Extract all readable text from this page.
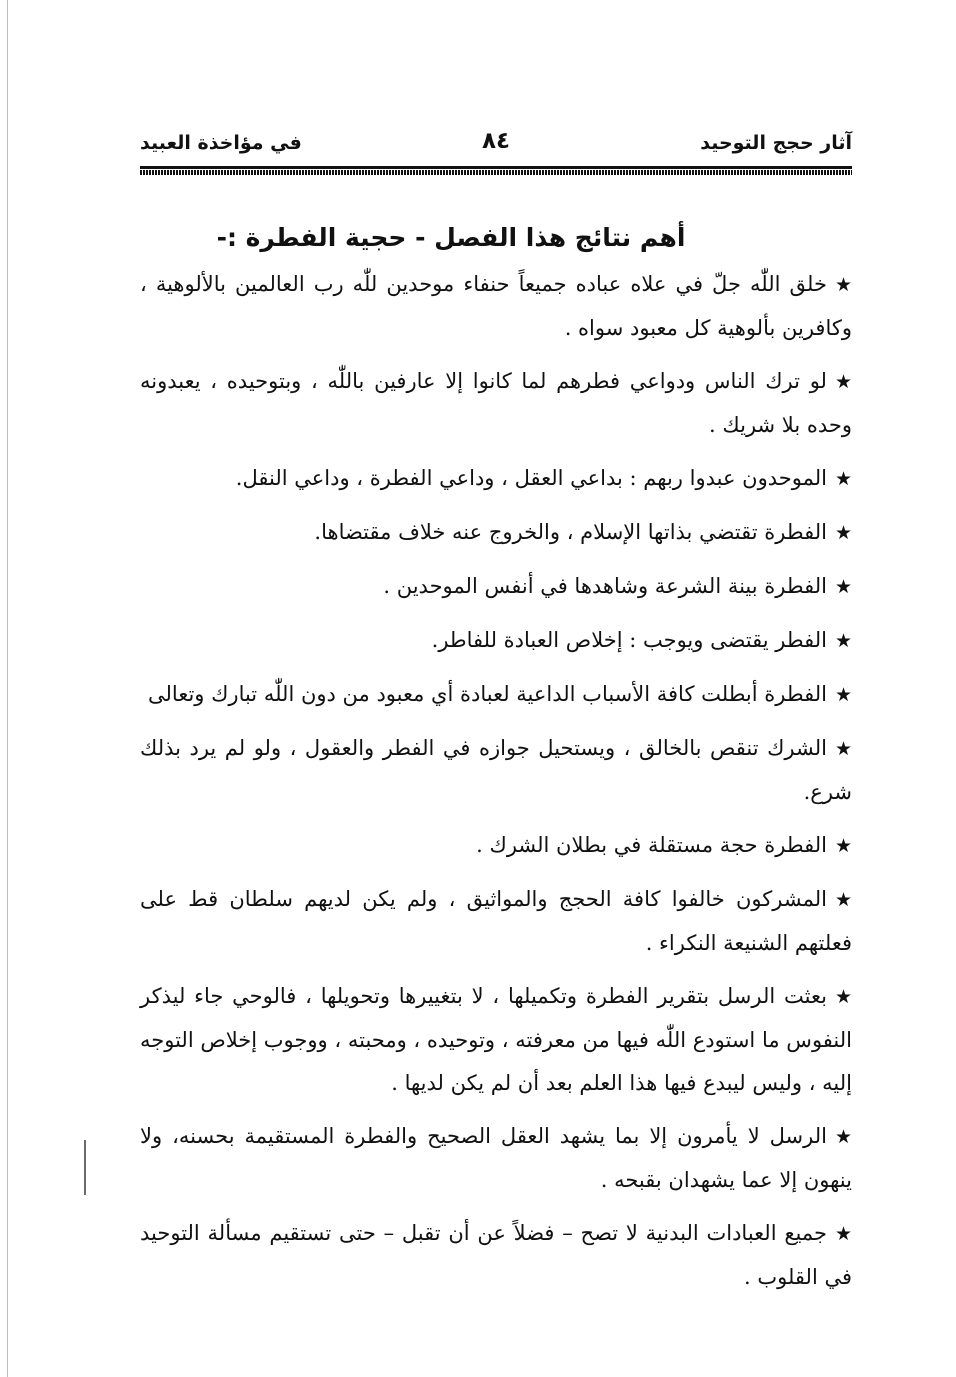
آثار حجج التوحيد
٨٤
في مؤاخذة العبيد
أهم نتائج هذا الفصل - حجية الفطرة :-
★خلق اللّٰه جلّ في علاه عباده جميعاً حنفاء موحدين للّٰه رب العالمين بالألوهية ، وكافرين بألوهية كل معبود سواه .
★لو ترك الناس ودواعي فطرهم لما كانوا إلا عارفين باللّٰه ، وبتوحيده ، يعبدونه وحده بلا شريك .
★الموحدون عبدوا ربهم : بداعي العقل ، وداعي الفطرة ، وداعي النقل.
★الفطرة تقتضي بذاتها الإسلام ، والخروج عنه خلاف مقتضاها.
★الفطرة بينة الشرعة وشاهدها في أنفس الموحدين .
★الفطر يقتضى ويوجب : إخلاص العبادة للفاطر.
★الفطرة أبطلت كافة الأسباب الداعية لعبادة أي معبود من دون اللّٰه تبارك وتعالى
★الشرك تنقص بالخالق ، ويستحيل جوازه في الفطر والعقول ، ولو لم يرد بذلك شرع.
★الفطرة حجة مستقلة في بطلان الشرك .
★المشركون خالفوا كافة الحجج والمواثيق ، ولم يكن لديهم سلطان قط على فعلتهم الشنيعة النكراء .
★بعثت الرسل بتقرير الفطرة وتكميلها ، لا بتغييرها وتحويلها ، فالوحي جاء ليذكر النفوس ما استودع اللّٰه فيها من معرفته ، وتوحيده ، ومحبته ، ووجوب إخلاص التوجه إليه ، وليس ليبدع فيها هذا العلم بعد أن لم يكن لديها .
★الرسل لا يأمرون إلا بما يشهد العقل الصحيح والفطرة المستقيمة بحسنه، ولا ينهون إلا عما يشهدان بقبحه .
★جميع العبادات البدنية لا تصح – فضلاً عن أن تقبل – حتى تستقيم مسألة التوحيد في القلوب .
